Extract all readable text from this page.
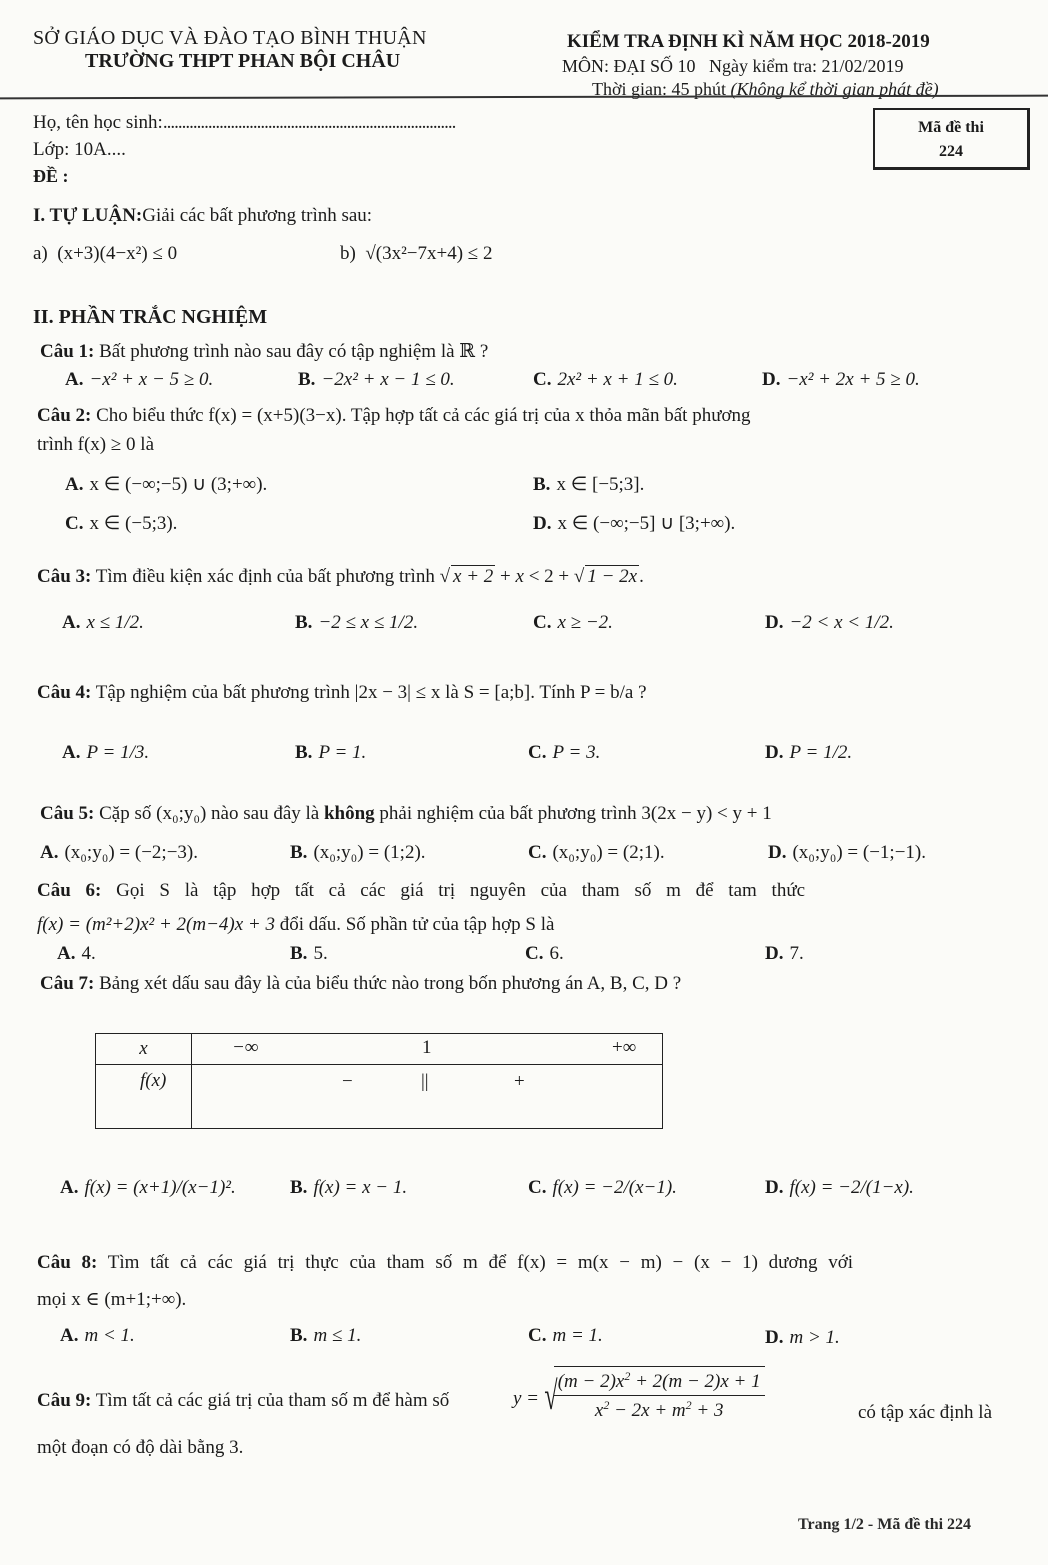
SỞ GIÁO DỤC VÀ ĐÀO TẠO BÌNH THUẬN
TRƯỜNG THPT PHAN BỘI CHÂU
KIỂM TRA ĐỊNH KÌ NĂM HỌC 2018-2019
MÔN: ĐẠI SỐ 10 Ngày kiểm tra: 21/02/2019
Thời gian: 45 phút (Không kể thời gian phát đề)
Họ, tên học sinh:..............................................................................
Lớp: 10A....
ĐỀ :
Mã đề thi
224
I. TỰ LUẬN:Giải các bất phương trình sau:
a) (x+3)(4−x²) ≤ 0	b) √(3x²−7x+4) ≤ 2
II. PHẦN TRẮC NGHIỆM
Câu 1: Bất phương trình nào sau đây có tập nghiệm là ℝ ?
A. −x² + x − 5 ≥ 0.	B. −2x² + x − 1 ≤ 0.	C. 2x² + x + 1 ≤ 0.	D. −x² + 2x + 5 ≥ 0.
Câu 2: Cho biểu thức f(x) = (x+5)(3−x). Tập hợp tất cả các giá trị của x thỏa mãn bất phương
trình f(x) ≥ 0 là
A. x ∈ (−∞;−5) ∪ (3;+∞).	B. x ∈ [−5;3].
C. x ∈ (−5;3).	D. x ∈ (−∞;−5] ∪ [3;+∞).
Câu 3: Tìm điều kiện xác định của bất phương trình √ x + 2 + x < 2 + √ 1 − 2x .
A. x ≤ 1/2.	B. −2 ≤ x ≤ 1/2.	C. x ≥ −2.	D. −2 < x < 1/2.
Câu 4: Tập nghiệm của bất phương trình |2x − 3| ≤ x là S = [a;b]. Tính P = b/a ?
A. P = 1/3.	B. P = 1.	C. P = 3.	D. P = 1/2.
Câu 5: Cặp số (x₀;y₀) nào sau đây là không phải nghiệm của bất phương trình 3(2x − y) < y + 1
A. (x₀;y₀) = (−2;−3).	B. (x₀;y₀) = (1;2).	C. (x₀;y₀) = (2;1).	D. (x₀;y₀) = (−1;−1).
Câu 6: Gọi S là tập hợp tất cả các giá trị nguyên của tham số m để tam thức
f(x) = (m²+2)x² + 2(m−4)x + 3 đổi dấu. Số phần tử của tập hợp S là
A. 4.	B. 5.	C. 6.	D. 7.
Câu 7: Bảng xét dấu sau đây là của biểu thức nào trong bốn phương án A, B, C, D ?
x	−∞ 1 +∞

f(x)	− || +
A. f(x) = (x+1)/(x−1)².	B. f(x) = x − 1.	C. f(x) = −2/(x−1).	D. f(x) = −2/(1−x).
Câu 8: Tìm tất cả các giá trị thực của tham số m để f(x) = m(x − m) − (x − 1) dương với
mọi x ∈ (m+1;+∞).
A. m < 1.	B. m ≤ 1.	C. m = 1.	D. m > 1.
Câu 9: Tìm tất cả các giá trị của tham số m để hàm số	y = √
$\frac{(m - 2)x^2 + 2(m - 2)x + 1}{x^2 - 2x + m^2 + 3}$	có tập xác định là
một đoạn có độ dài bằng 3.
Trang 1/2 - Mã đề thi 224
